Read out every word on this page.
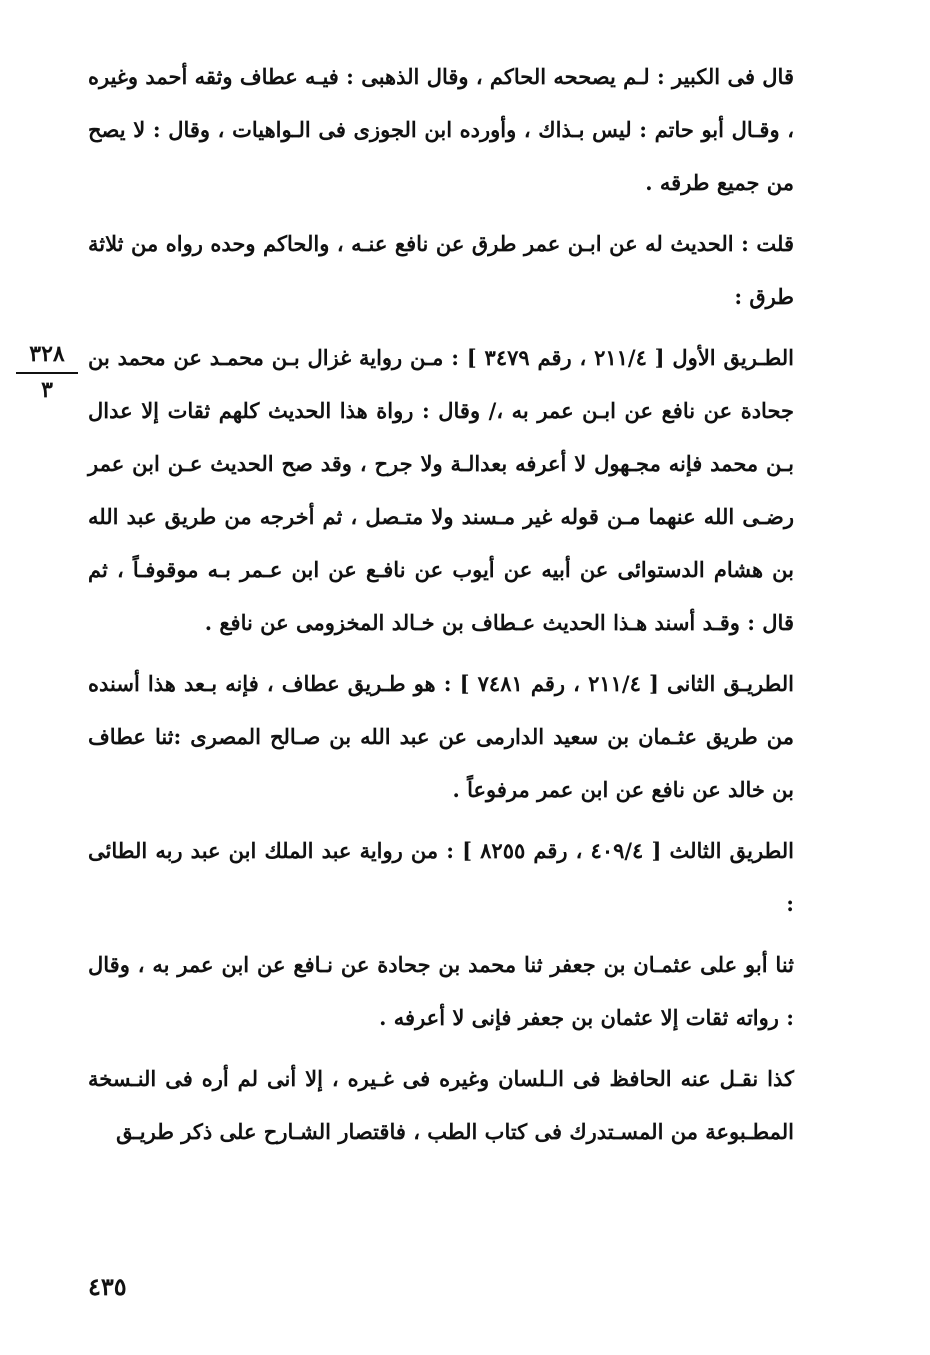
قال فى الكبير : لـم يصححه الحاكم ، وقال الذهبى : فيـه عطاف وثقه أحمد وغيره ، وقـال أبو حاتم : ليس بـذاك ، وأورده ابن الجوزى فى الـواهيات ، وقال : لا يصح من جميع طرقه .

قلت : الحديث له عن ابـن عمر طرق عن نافع عنـه ، والحاكم وحده رواه من ثلاثة طرق :

الطـريق الأول [ ٢١١/٤ ، رقم ٣٤٧٩ ] : مـن رواية غزال بـن محمـد عن محمد بن جحادة عن نافع عن ابـن عمر به ،/ وقال : رواة هذا الحديث كلهم ثقات إلا عدال بـن محمد فإنه مجـهول لا أعرفه بعدالـة ولا جرح ، وقد صح الحديث عـن ابن عمر رضـى الله عنهما مـن قوله غير مـسند ولا متـصل ، ثم أخرجه من طريق عبد الله بن هشام الدستوائى عن أبيه عن أيوب عن نافـع عن ابن عـمر بـه موقوفـاً ، ثم قال : وقـد أسند هـذا الحديث عـطاف بن خـالد المخزومى عن نافع .

الطريـق الثانى [ ٢١١/٤ ، رقم ٧٤٨١ ] : هو طـريق عطاف ، فإنه بـعد هذا أسنده من طريق عثـمان بن سعيد الدارمى عن عبد الله بن صـالح المصرى :ثنا عطاف بن خالد عن نافع عن ابن عمر مرفوعاً .

الطريق الثالث [ ٤٠٩/٤ ، رقم ٨٢٥٥ ] : من رواية عبد الملك ابن عبد ربه الطائى :

ثنا أبو على عثمـان بن جعفر ثنا محمد بن جحادة عن نـافع عن ابن عمر به ، وقال : رواته ثقات إلا عثمان بن جعفر فإنى لا أعرفه .

كذا نقـل عنه الحافظ فى الـلسان وغيره فى غـيره ، إلا أنى لم أره فى النـسخة المطـبوعة من المسـتدرك فى كتاب الطب ، فاقتصار الشـارح على ذكر طريـق

٣٢٨
٣
٤٣٥
